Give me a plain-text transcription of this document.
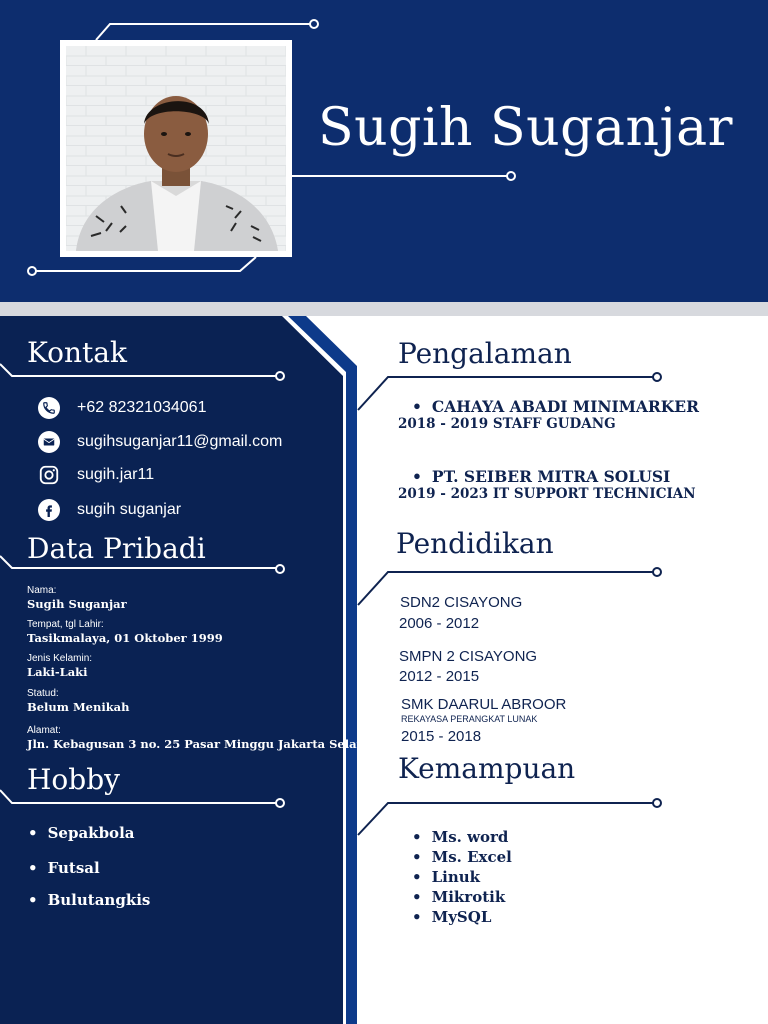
Sugih Suganjar
Kontak
+62 82321034061
sugihsuganjar11@gmail.com
sugih.jar11
sugih suganjar
Data Pribadi
Nama:
Sugih Suganjar
Tempat, tgl Lahir:
Tasikmalaya, 01 Oktober 1999
Jenis Kelamin:
Laki-Laki
Statud:
Belum Menikah
Alamat:
Jln. Kebagusan 3 no. 25 Pasar Minggu Jakarta Selatan
Hobby
• Sepakbola
• Futsal
• Bulutangkis
Pengalaman
• CAHAYA ABADI MINIMARKER
2018 - 2019 STAFF GUDANG
• PT. SEIBER MITRA SOLUSI
2019 - 2023 IT SUPPORT TECHNICIAN
Pendidikan
SDN2 CISAYONG
2006 - 2012
SMPN 2 CISAYONG
2012 - 2015
SMK DAARUL ABROOR
REKAYASA PERANGKAT LUNAK
2015 - 2018
Kemampuan
• Ms. word
• Ms. Excel
• Linuk
• Mikrotik
• MySQL
